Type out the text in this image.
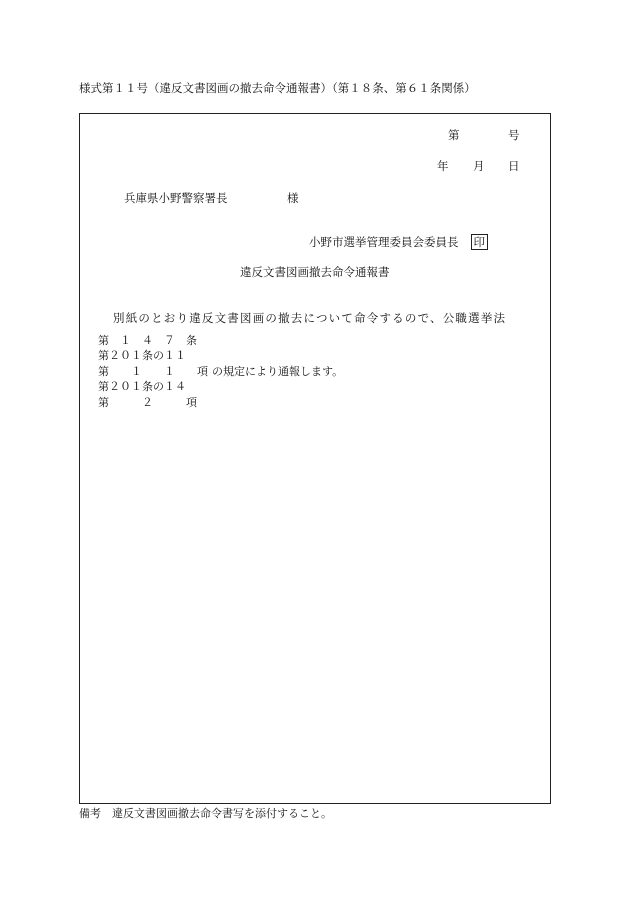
様式第１１号（違反文書図画の撤去命令通報書）（第１８条、第６１条関係）
第	号
年 月 日
兵庫県小野警察署長	様
小野市選挙管理委員会委員長 印
違反文書図画撤去命令通報書
別紙のとおり違反文書図画の撤去について命令するので、公職選挙法
第　１　４　７　条
第２０１条の１１
第　　１　　１　　項 の規定により通報します。
第２０１条の１４
第　　　２　　　項
備考　違反文書図画撤去命令書写を添付すること。
